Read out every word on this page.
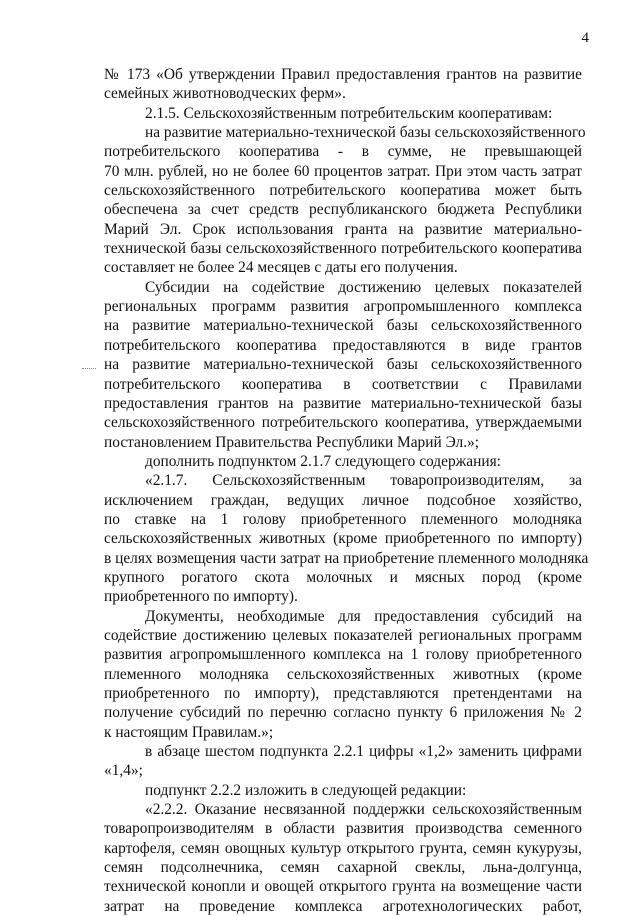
4
№ 173 «Об утверждении Правил предоставления грантов на развитие
семейных животноводческих ферм».
2.1.5. Сельскохозяйственным потребительским кооперативам:
на развитие материально-технической базы сельскохозяйственного
потребительского кооператива - в сумме, не превышающей
70 млн. рублей, но не более 60 процентов затрат. При этом часть затрат
сельскохозяйственного потребительского кооператива может быть
обеспечена за счет средств республиканского бюджета Республики
Марий Эл. Срок использования гранта на развитие материально-
технической базы сельскохозяйственного потребительского кооператива
составляет не более 24 месяцев с даты его получения.
Субсидии на содействие достижению целевых показателей
региональных программ развития агропромышленного комплекса
на развитие материально-технической базы сельскохозяйственного
потребительского кооператива предоставляются в виде грантов
на развитие материально-технической базы сельскохозяйственного
потребительского кооператива в соответствии с Правилами
предоставления грантов на развитие материально-технической базы
сельскохозяйственного потребительского кооператива, утверждаемыми
постановлением Правительства Республики Марий Эл.»;
дополнить подпунктом 2.1.7 следующего содержания:
«2.1.7. Сельскохозяйственным товаропроизводителям, за
исключением граждан, ведущих личное подсобное хозяйство,
по ставке на 1 голову приобретенного племенного молодняка
сельскохозяйственных животных (кроме приобретенного по импорту)
в целях возмещения части затрат на приобретение племенного молодняка
крупного рогатого скота молочных и мясных пород (кроме
приобретенного по импорту).
Документы, необходимые для предоставления субсидий на
содействие достижению целевых показателей региональных программ
развития агропромышленного комплекса на 1 голову приобретенного
племенного молодняка сельскохозяйственных животных (кроме
приобретенного по импорту), представляются претендентами на
получение субсидий по перечню согласно пункту 6 приложения № 2
к настоящим Правилам.»;
в абзаце шестом подпункта 2.2.1 цифры «1,2» заменить цифрами
«1,4»;
подпункт 2.2.2 изложить в следующей редакции:
«2.2.2. Оказание несвязанной поддержки сельскохозяйственным
товаропроизводителям в области развития производства семенного
картофеля, семян овощных культур открытого грунта, семян кукурузы,
семян подсолнечника, семян сахарной свеклы, льна-долгунца,
технической конопли и овощей открытого грунта на возмещение части
затрат на проведение комплекса агротехнологических работ,
